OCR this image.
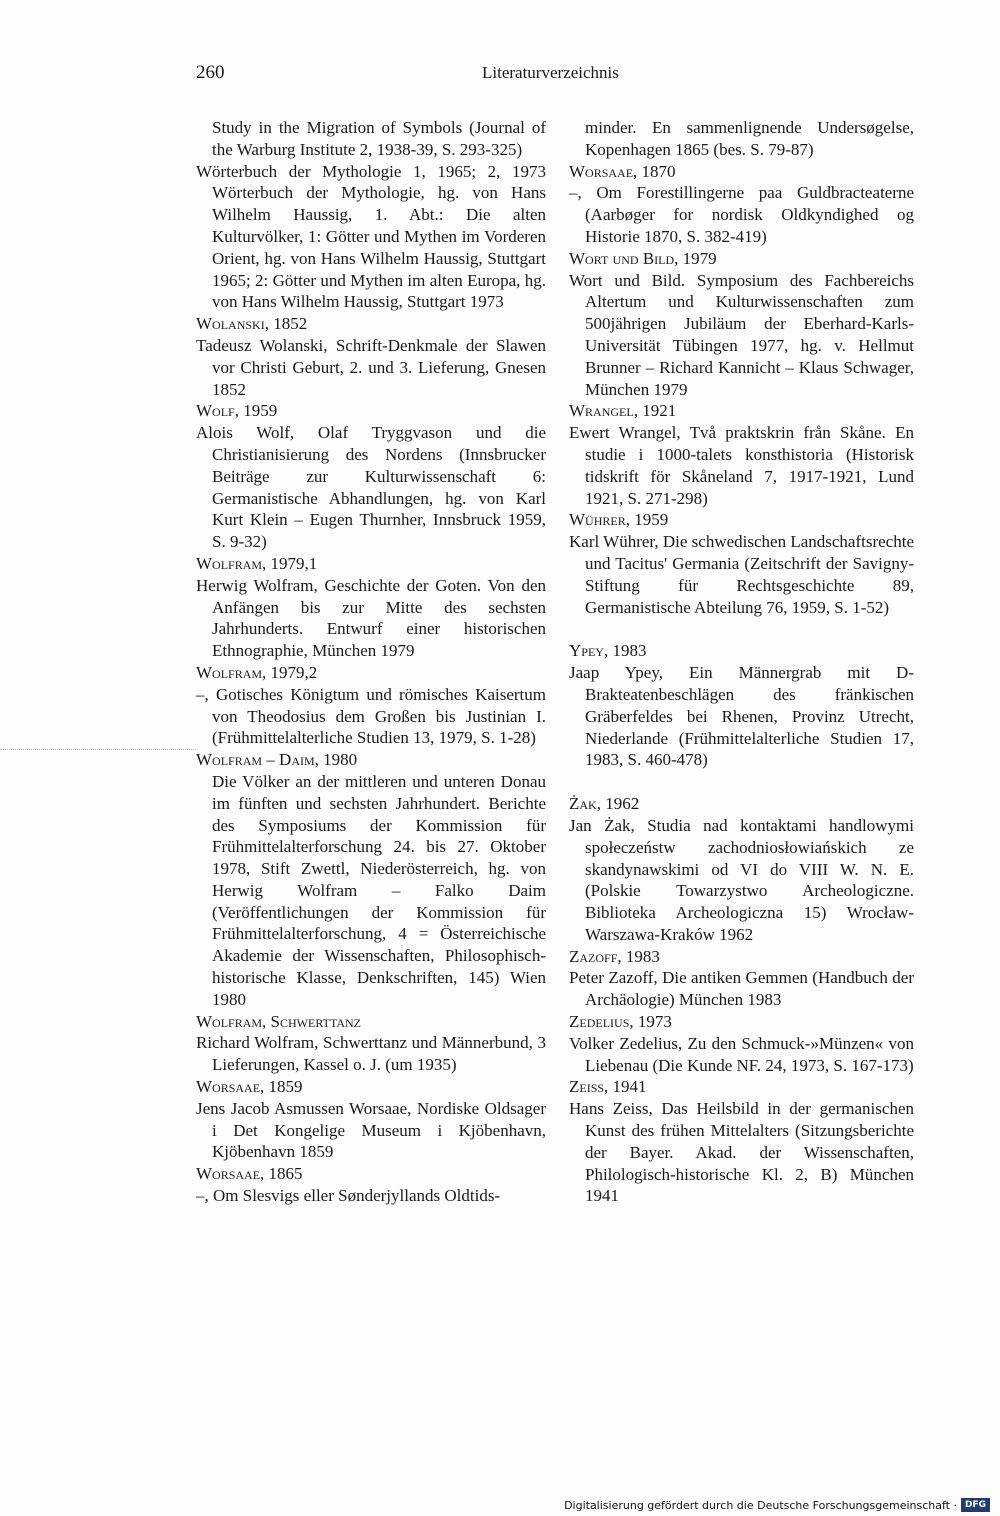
260	Literaturverzeichnis
Study in the Migration of Symbols (Journal of the Warburg Institute 2, 1938-39, S. 293-325)
Wörterbuch der Mythologie 1, 1965; 2, 1973 Wörterbuch der Mythologie, hg. von Hans Wilhelm Haussig, 1. Abt.: Die alten Kulturvölker, 1: Götter und Mythen im Vorderen Orient, hg. von Hans Wilhelm Haussig, Stuttgart 1965; 2: Götter und Mythen im alten Europa, hg. von Hans Wilhelm Haussig, Stuttgart 1973
Wolanski, 1852
Tadeusz Wolanski, Schrift-Denkmale der Slawen vor Christi Geburt, 2. und 3. Lieferung, Gnesen 1852
Wolf, 1959
Alois Wolf, Olaf Tryggvason und die Christianisierung des Nordens (Innsbrucker Beiträge zur Kulturwissenschaft 6: Germanistische Abhandlungen, hg. von Karl Kurt Klein – Eugen Thurnher, Innsbruck 1959, S. 9-32)
Wolfram, 1979,1
Herwig Wolfram, Geschichte der Goten. Von den Anfängen bis zur Mitte des sechsten Jahrhunderts. Entwurf einer historischen Ethnographie, München 1979
Wolfram, 1979,2
–, Gotisches Königtum und römisches Kaisertum von Theodosius dem Großen bis Justinian I. (Frühmittelalterliche Studien 13, 1979, S. 1-28)
Wolfram – Daim, 1980
Die Völker an der mittleren und unteren Donau im fünften und sechsten Jahrhundert. Berichte des Symposiums der Kommission für Frühmittelalterforschung 24. bis 27. Oktober 1978, Stift Zwettl, Niederösterreich, hg. von Herwig Wolfram – Falko Daim (Veröffentlichungen der Kommission für Frühmittelalterforschung, 4 = Österreichische Akademie der Wissenschaften, Philosophisch-historische Klasse, Denkschriften, 145) Wien 1980
Wolfram, Schwerttanz
Richard Wolfram, Schwerttanz und Männerbund, 3 Lieferungen, Kassel o. J. (um 1935)
Worsaae, 1859
Jens Jacob Asmussen Worsaae, Nordiske Oldsager i Det Kongelige Museum i Kjöbenhavn, Kjöbenhavn 1859
Worsaae, 1865
–, Om Slesvigs eller Sønderjyllands Oldtids-
minder. En sammenlignende Undersøgelse, Kopenhagen 1865 (bes. S. 79-87)
Worsaae, 1870
–, Om Forestillingerne paa Guldbracteaterne (Aarbøger for nordisk Oldkyndighed og Historie 1870, S. 382-419)
Wort und Bild, 1979
Wort und Bild. Symposium des Fachbereichs Altertum und Kulturwissenschaften zum 500jährigen Jubiläum der Eberhard-Karls-Universität Tübingen 1977, hg. v. Hellmut Brunner – Richard Kannicht – Klaus Schwager, München 1979
Wrangel, 1921
Ewert Wrangel, Två praktskrin från Skåne. En studie i 1000-talets konsthistoria (Historisk tidskrift för Skåneland 7, 1917-1921, Lund 1921, S. 271-298)
Wührer, 1959
Karl Wührer, Die schwedischen Landschaftsrechte und Tacitus' Germania (Zeitschrift der Savigny-Stiftung für Rechtsgeschichte 89, Germanistische Abteilung 76, 1959, S. 1-52)
Ypey, 1983
Jaap Ypey, Ein Männergrab mit D-Brakteatenbeschlägen des fränkischen Gräberfeldes bei Rhenen, Provinz Utrecht, Niederlande (Frühmittelalterliche Studien 17, 1983, S. 460-478)
Żak, 1962
Jan Żak, Studia nad kontaktami handlowymi społeczeństw zachodniosłowiańskich ze skandynawskimi od VI do VIII W. N. E. (Polskie Towarzystwo Archeologiczne. Biblioteka Archeologiczna 15) Wrocław-Warszawa-Kraków 1962
Zazoff, 1983
Peter Zazoff, Die antiken Gemmen (Handbuch der Archäologie) München 1983
Zedelius, 1973
Volker Zedelius, Zu den Schmuck-»Münzen« von Liebenau (Die Kunde NF. 24, 1973, S. 167-173)
Zeiss, 1941
Hans Zeiss, Das Heilsbild in der germanischen Kunst des frühen Mittelalters (Sitzungsberichte der Bayer. Akad. der Wissenschaften, Philologisch-historische Kl. 2, B) München 1941
Digitalisierung gefördert durch die Deutsche Forschungsgemeinschaft · DFG
